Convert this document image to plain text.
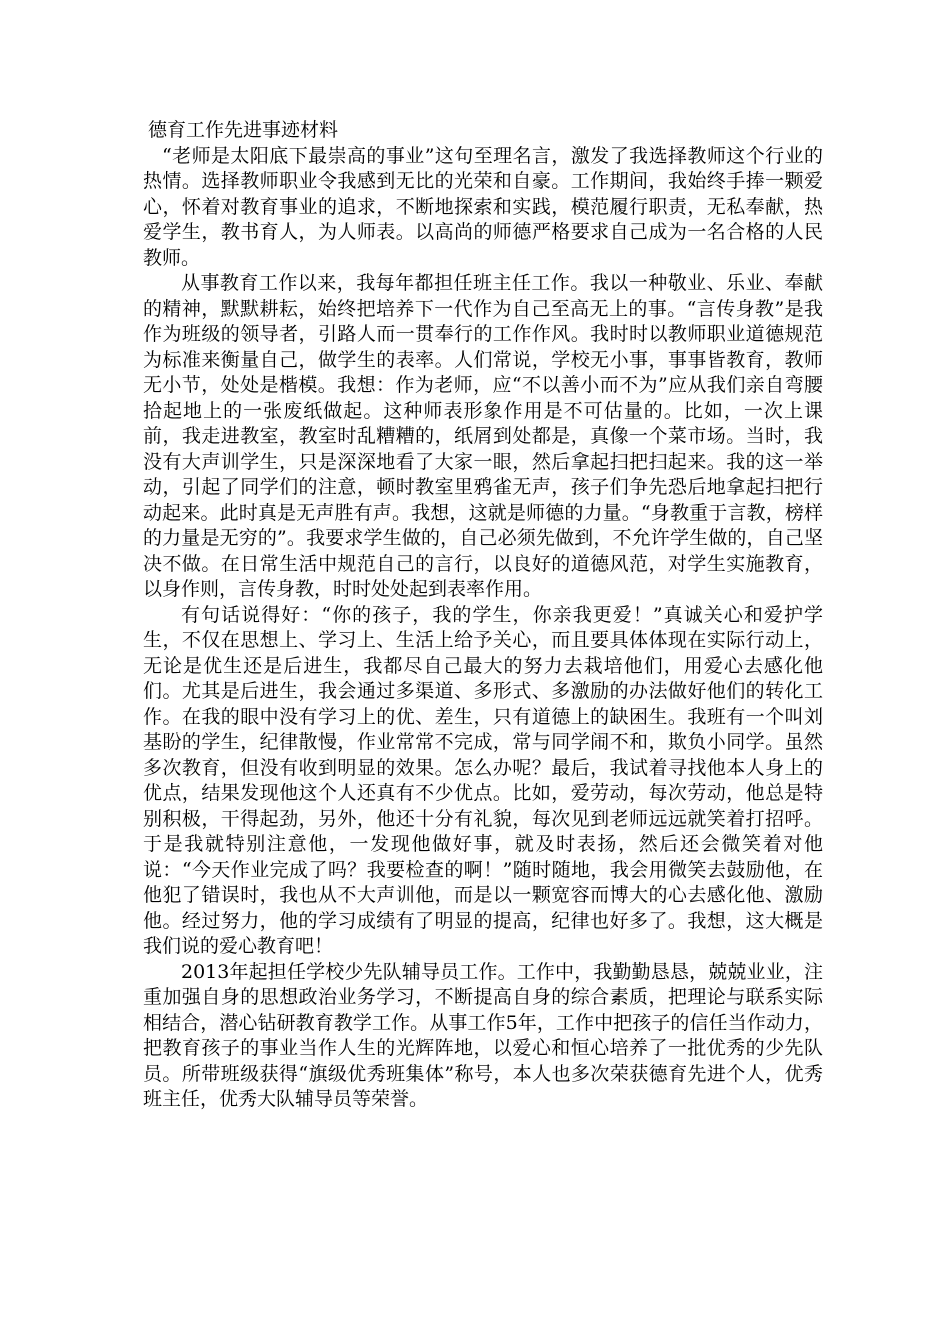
德育工作先进事迹材料

“老师是太阳底下最崇高的事业”这句至理名言，激发了我选择教师这个行业的热情。选择教师职业令我感到无比的光荣和自豪。工作期间，我始终手捧一颗爱心，怀着对教育事业的追求，不断地探索和实践，模范履行职责，无私奉献，热爱学生，教书育人，为人师表。以高尚的师德严格要求自己成为一名合格的人民教师。

从事教育工作以来，我每年都担任班主任工作。我以一种敬业、乐业、奉献的精神，默默耕耘，始终把培养下一代作为自己至高无上的事。“言传身教”是我作为班级的领导者，引路人而一贯奉行的工作作风。我时时以教师职业道德规范为标准来衡量自己，做学生的表率。人们常说，学校无小事，事事皆教育，教师无小节，处处是楷模。我想：作为老师，应“不以善小而不为”应从我们亲自弯腰拾起地上的一张废纸做起。这种师表形象作用是不可估量的。比如，一次上课前，我走进教室，教室时乱糟糟的，纸屑到处都是，真像一个菜市场。当时，我没有大声训学生，只是深深地看了大家一眼，然后拿起扫把扫起来。我的这一举动，引起了同学们的注意，顿时教室里鸦雀无声，孩子们争先恐后地拿起扫把行动起来。此时真是无声胜有声。我想，这就是师德的力量。“身教重于言教，榜样的力量是无穷的”。我要求学生做的，自己必须先做到，不允许学生做的，自己坚决不做。在日常生活中规范自己的言行，以良好的道德风范，对学生实施教育，以身作则，言传身教，时时处处起到表率作用。

有句话说得好：“你的孩子，我的学生，你亲我更爱！”真诚关心和爱护学生，不仅在思想上、学习上、生活上给予关心，而且要具体体现在实际行动上，无论是优生还是后进生，我都尽自己最大的努力去栽培他们，用爱心去感化他们。尤其是后进生，我会通过多渠道、多形式、多激励的办法做好他们的转化工作。在我的眼中没有学习上的优、差生，只有道德上的缺困生。我班有一个叫刘基盼的学生，纪律散慢，作业常常不完成，常与同学闹不和，欺负小同学。虽然多次教育，但没有收到明显的效果。怎么办呢？最后，我试着寻找他本人身上的优点，结果发现他这个人还真有不少优点。比如，爱劳动，每次劳动，他总是特别积极，干得起劲，另外，他还十分有礼貌，每次见到老师远远就笑着打招呼。于是我就特别注意他，一发现他做好事，就及时表扬，然后还会微笑着对他说：“今天作业完成了吗？我要检查的啊！”随时随地，我会用微笑去鼓励他，在他犯了错误时，我也从不大声训他，而是以一颗宽容而博大的心去感化他、激励他。经过努力，他的学习成绩有了明显的提高，纪律也好多了。我想，这大概是我们说的爱心教育吧！

2013年起担任学校少先队辅导员工作。工作中，我勤勤恳恳，兢兢业业，注重加强自身的思想政治业务学习，不断提高自身的综合素质，把理论与联系实际相结合，潜心钻研教育教学工作。从事工作5年，工作中把孩子的信任当作动力，把教育孩子的事业当作人生的光辉阵地，以爱心和恒心培养了一批优秀的少先队员。所带班级获得“旗级优秀班集体”称号，本人也多次荣获德育先进个人，优秀班主任，优秀大队辅导员等荣誉。
